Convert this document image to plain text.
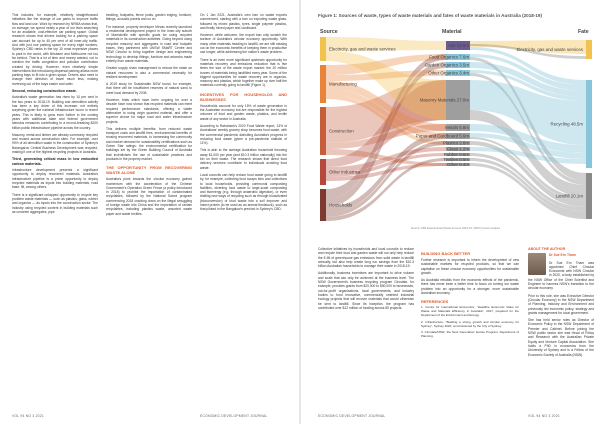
This includes, for example, relatively straightforward initiatives like the change of car parks to improve traffic flow and land use. Work by research by NRMA shows that, on average, we spend nearly a year of our lives searching for an available, cost-effective car parking space. Global research shows that drivers looking for a parking space can account for up to 40 per cent of all inner-city traffic. And with just one parking space for every eight workers, Sydney's CBD ranks in the top 10 most expensive places to park in the world, with Brisbane and Melbourne not too far behind. That is a lot of time and money wasted, not to mention the traffic congestion and pollution contribution created by driving. However, even relatively simple interventions like introducing dispersal parking allows more parking bays to fit into a given space. Drivers also need to change their direction of travel much less, making reversing out of the bays easier and safer.

Second, reducing construction waste.

Australia's waste generation has risen by 10 per cent in the two years to 2018-19. Building and demolition activity has been a key driver of this increase: not entirely surprising given the national infrastructure boom in recent years. This is likely to grow even further in the coming years with additional state and federal government stimulus measures contributing to a record-breaking $200 billion public infrastructure pipeline across the country.

Masonry, metal and timber are already commonly recycled and reused across construction sites. For example, over 90% of all demolition waste in the construction of Sydney's Barangaroo Central Business Development was recycled, making it one of the highest recycling projects in Australia.

Third, generating critical mass in low embodied carbon materials.

Infrastructure development presents a significant opportunity to deploy recovered materials. Australia's infrastructure pipeline is a prime opportunity to deploy recycled materials as inputs into building materials, road base, fill, among others.

There is a significant untapped opportunity to recycle key problem waste materials — such as plastics, glass, rubber and organics — as inputs into the construction sector. The industry using recycled content in building materials such as concrete aggregates, pipe

bedding, footpaths, fence posts, garden edging, furniture, fittings, acoustic panels and so on.

For instance, property developer Mirvac recently launched a residential development project in the inner-city suburb of Marrickville with specific goals for using recycled materials in its construction activities. Going beyond using recycled masonry and aggregates in road and footpath bases, they partnered with UNSW SMaRT Centre and NSW Circular to bring together design and engineering technology to develop fittings, furniture and artworks made entirely from waste materials.

Greater supply chain management to reduce the strain on natural resources is also a commercial necessity for resilient development.

A 2019 study for Sustainable NSW found, for example, that there will be insufficient reserves of natural sand to meet local demand by 2036.

However, trials which have been ongoing for over a decade have now shown that recycled materials can meet required performance standards, offering a viable alternative to using virgin quarried material, and offer a superior choice for major road and water infrastructure projects.

This delivers multiple benefits: from reduced waste transport costs and landfill fees, environmental benefits of reusing recovered materials, to harnessing the community and market demand for sustainability certifications such as Green Star ratings: the environmental certification for buildings set by the Green Building Council of Australia that incentivises the use of sustainable practices and products in the property market.

THE OPPORTUNITY FROM RECOVERING WASTE ALONE

Australia's pivot towards the circular economy gained momentum with the acceleration of the Chinese Government's Operation Green Fence (a policy introduced in 2018) to prohibit the importation of contaminated recyclables, followed by the National Sword program commencing 2018 cracking down on the illegal smuggling of foreign waste into China and the importation of certain recyclables, including plastics waste, unsorted waste paper and waste textiles.

On 1 Jan 2021, Australia's own ban on waste exports commenced, starting with a ban on exporting waste glass, followed by mixed plastics, tyres, single polymer plastics, and finally mixed paper and cardboard.

However, while welcome, the export ban only scratch the surface of Australia's circular economy opportunity. With many other materials heading to landfill, we are still missing out on the economic benefits of keeping them in productive use longer, while addressing the nation's waste problem.

There is an even more significant upstream opportunity for materials recovery and emissions reduction that is five times the size of the waste export market: the 20 million tonnes of materials being landfilled every year. Some of the biggest opportunities for waste recovery are in organics, masonry and plastics, which together make up over half the materials currently going to landfill (Figure 1).

INCENTIVES FOR HOUSEHOLDS AND BUSINESSES

Households account for only 15% of waste generation in the Australian economy but are responsible for the highest volumes of food and garden waste, plastics, and textile waste of any sector in Australia.

According to Rabobank's 2020 Food Waste report, 13% of Australians' weekly grocery shop becomes food waste, with the commercial pandemic dwindling Australia's progress in reducing food waste (given a pre-pandemic statistic of 11%).

This is akin to the average Australian household throwing away $1,000 per year (and $10.3 billion nationally) into the bin on their waste. The research shows that direct food delivery services contribute to individuals avoiding food waste.

Local councils can help reduce food waste going to landfill by, for example, collecting food scraps bins and collections to local households, providing communal composting facilities, diverting food waste to large-scale composting and bioenergy (e.g. through anaerobic digestion), or even trialling new ways of recycling such as through bioactivated (bioconversion) of food waste into a soil improver and insect protein (to be used as an animal feedstock), such as that piloted in the Bangalow's precinct in Sydney's CBD.

VOL 94 NO 3 2021	ECONOMIC DEVELOPMENT JOURNAL
Figure 1: Sources of waste, types of waste materials and fates of waste materials in Australia (2018-19)
Source	Material	Fate
Electricity, gas and waste services
Manufacturing
Construction
Other Industries
Households
Ash 12.5m
Food Organics 7.6m
Garden Organics 3.5m
Other Organics 3.4m
Masonry Materials 27.0m
Metals 5.8m
Paper and Cardboard 5.6m
Plastics 2.6m
Glass 1.2m
Rubber 0.6m
Textiles 0.5m
Other 0.4m
Electricity, gas and waste services
Recycling 48.5m
Landfill 20.1m
Source: ABS Experimental Waste Account 2018-19, NSW Circular analysis

Collective initiatives by households and local councils to reduce and recycle their food and garden waste will not only help reduce the 8 Mt of greenhouse gas emissions from solid waste in landfill annually, but also help create long run savings from the $10.3 billion Australian households to manage their waste in 2018-19.

Additionally, business incentives are important to drive volume and scale that can only be achieved at the business level. The NSW Government's business recycling program Circulate, for example, provides grants from $20,000 to $50,000 to businesses, not-for-profit organisations, local governments, and industry bodies to fund innovative, commercially oriented industrial ecology projects that will recover materials that would otherwise be sent to landfill. Since its inception, the program has contributed over $12 million of funding across 85 projects.

BUILDING BACK BETTER

Further research is important to inform the development of new sustainable markets for recycled products, so that we can capitalise on these circular economy opportunities for sustainable growth.

As Australia rebuilds from the economic effects of the pandemic, there has never been a better time to focus on turning our waste problem into an opportunity for a stronger, more sustainable Australian economy.

REFERENCES

1. Centre for International Economics, "Headline Economic Value for Waste and Materials Efficiency in Australia", 2017, prepared for the Department of the Environment and Energy.

2. Infrastructure, "Building a strong growth and circular economy for Sydney", Sydney 2020, commissioned by the City of Sydney.

3. Circulate/NSW, 'the Next Generation' Excise Program, Department of Planning.

ABOUT THE AUTHOR

Dr Sue Ern Tham

Dr Sue Ern Tham was appointed Chief Circular Economist with NSW Circular in 2020, a body established by the NSW Office of the Chief Scientist and Engineer to harness NSW's transition to the circular economy.

Prior to this role, she was Executive Director (Circular Economy) in the NSW Department of Planning, Industry and Environment and previously led economic policy, strategy and grants management for local government.

She has held senior roles as Director of Economic Policy in the NSW Department of Premier and Cabinet. Before joining the NSW public sector she was Head of Policy and Research with the Australian Private Equity and Venture Capital Association. She holds a PhD in economics from the University of Sydney and is a Fellow of the Economic Society of Australia (NSW).

ECONOMIC DEVELOPMENT JOURNAL	VOL 94 NO 3 2021
